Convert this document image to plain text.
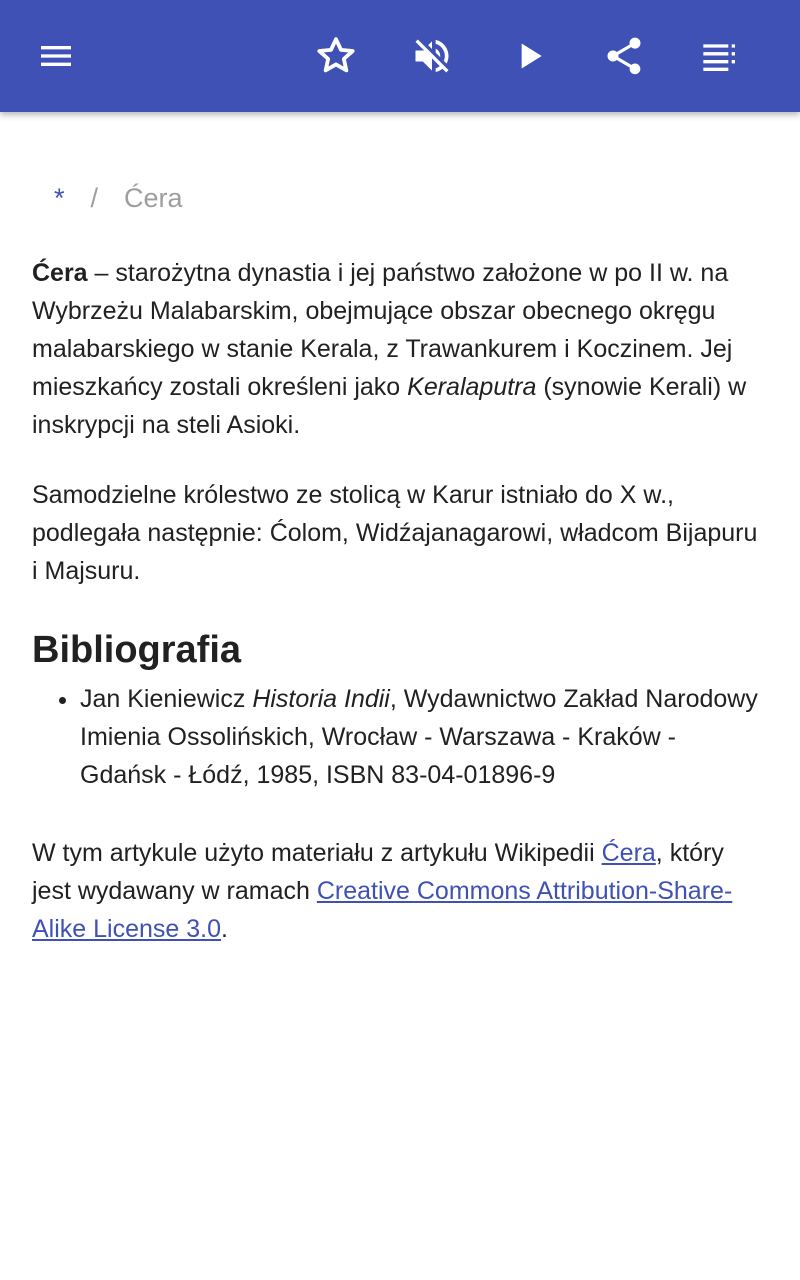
* / Ćera

Ćera – starożytna dynastia i jej państwo założone w po II w. na Wybrzeżu Malabarskim, obejmujące obszar obecnego okręgu malabarskiego w stanie Kerala, z Trawankurem i Koczinem. Jej mieszkańcy zostali określeni jako Keralaputra (synowie Kerali) w inskrypcji na steli Asioki.

Samodzielne królestwo ze stolicą w Karur istniało do X w., podlegała następnie: Ćolom, Widźajanagarowi, władcom Bijapuru i Majsuru.

Bibliografia
• Jan Kieniewicz Historia Indii, Wydawnictwo Zakład Narodowy Imienia Ossolińskich, Wrocław - Warszawa - Kraków - Gdańsk - Łódź, 1985, ISBN 83-04-01896-9

W tym artykule użyto materiału z artykułu Wikipedii Ćera, który jest wydawany w ramach Creative Commons Attribution-Share-Alike License 3.0.
